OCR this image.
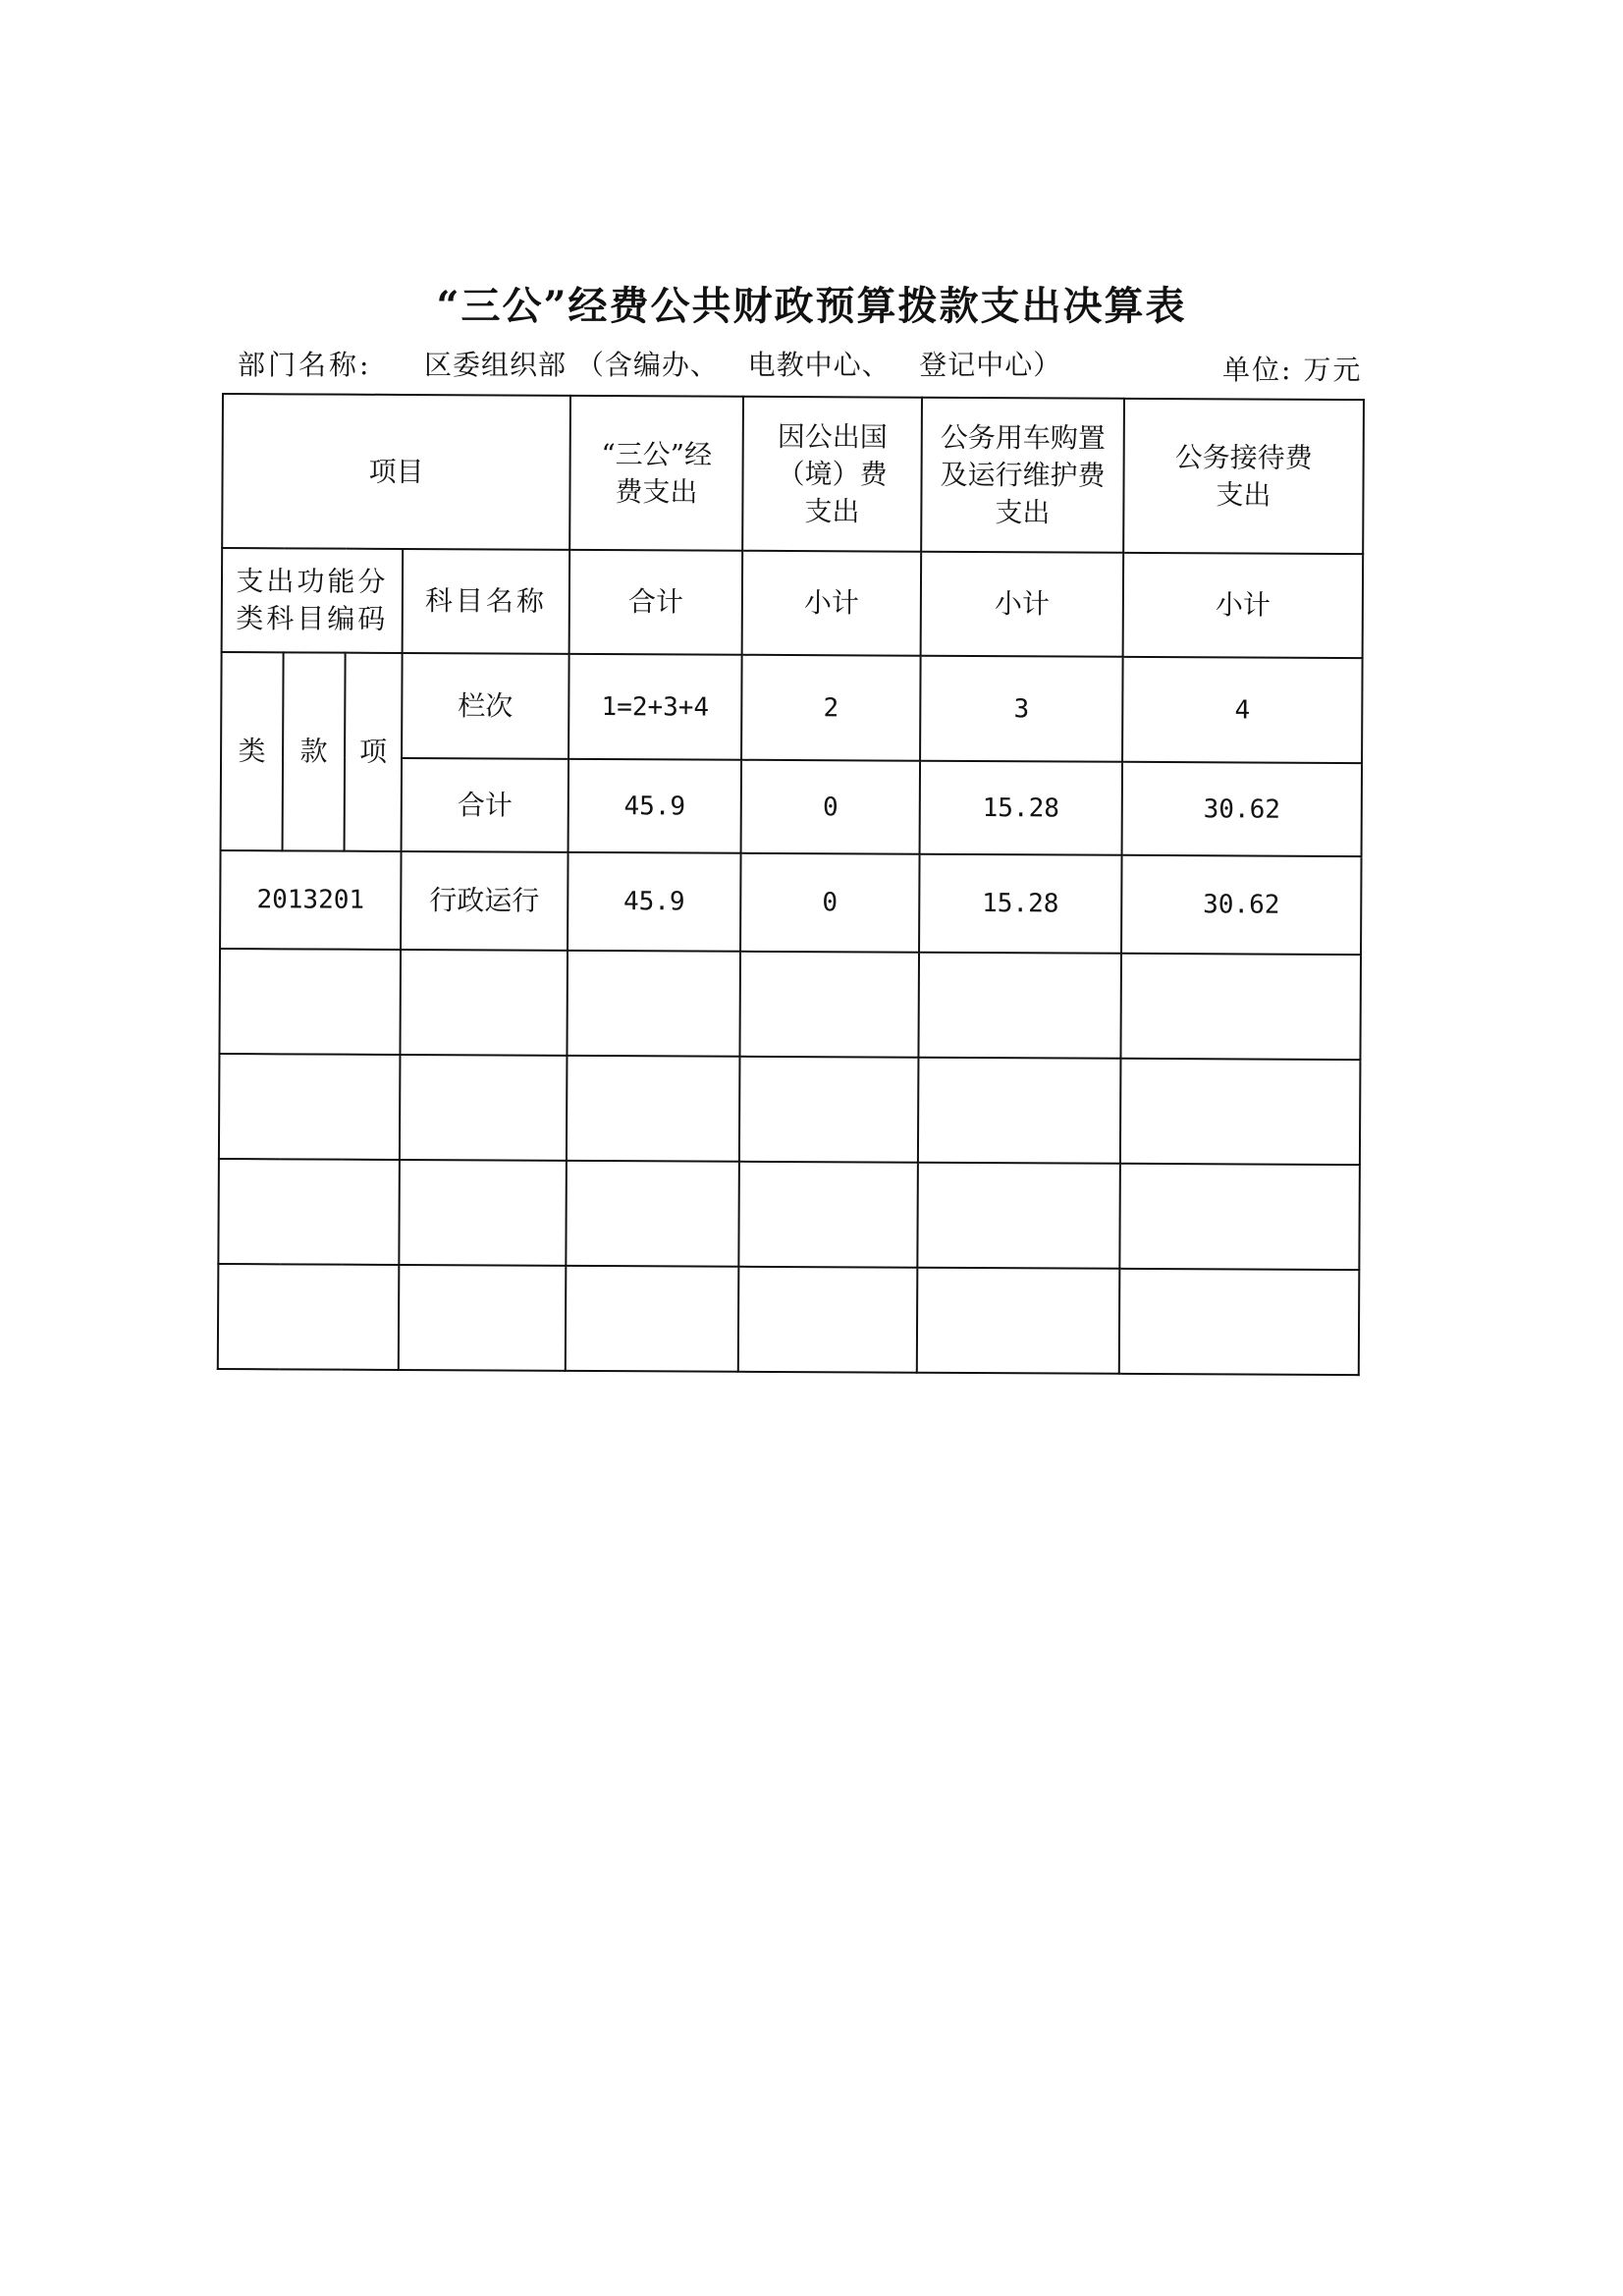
“三公”经费公共财政预算拨款支出决算表
部门名称: 区委组织部 （含编办、   电教中心、   登记中心）	单位: 万元
项目				“三公”经费支出	因公出国（境）费支出	公务用车购置及运行维护费支出	公务接待费支出
支出功能分类科目编码			科目名称	合计	小计	小计	小计
类	款	项	栏次	1=2+3+4	2	3	4
			合计	45.9	0	15.28	30.62
2013201			行政运行	45.9	0	15.28	30.62
